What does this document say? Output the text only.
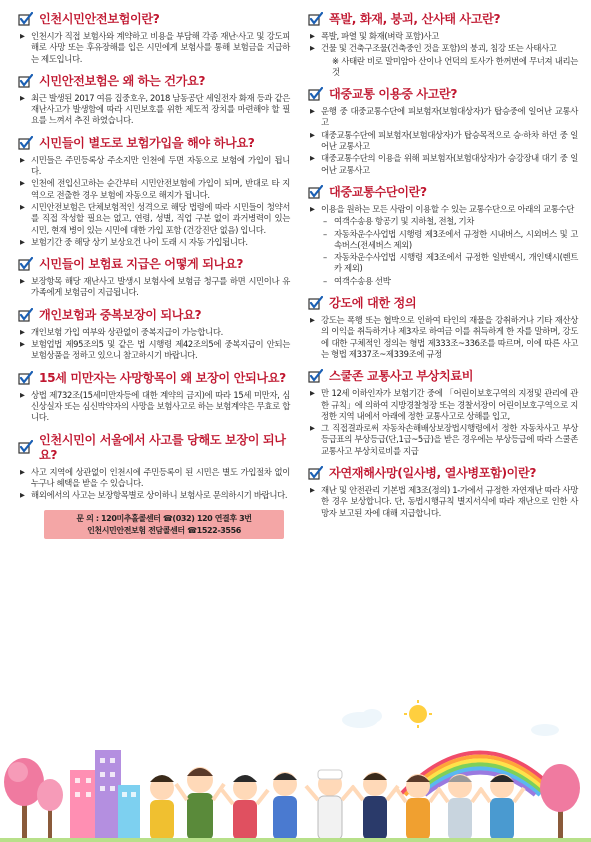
인천시민안전보험이란?
▶ 인천시가 직접 보험사와 계약하고 비용을 부담해 각종 재난·사고 및 강도피해로 사망 또는 후유장해를 입은 시민에게 보험사를 통해 보험금을 지급하는 제도입니다.
시민안전보험은 왜 하는 건가요?
▶ 최근 발생된 2017 여름 집중호우, 2018 남동공단 세일전자 화재 등과 같은 재난사고가 발생함에 따라 시민보호를 위한 제도적 장치를 마련해야 할 필요를 느껴서 추진 하였습니다.
시민들이 별도로 보험가입을 해야 하나요?
▶ 시민들은 주민등록상 주소지만 인천에 두면 자동으로 보험에 가입이 됩니다.
▶ 인천에 전입신고하는 순간부터 시민안전보험에 가입이 되며, 반대로 타 지역으로 전출한 경우 보험에 자동으로 해지가 됩니다.
▶ 시민안전보험은 단체보험적인 성격으로 해당 법령에 따라 시민들이 청약서를 직접 작성할 필요는 없고, 연령, 성별, 직업 구분 없이 과거병력이 있는 시민, 현재 병이 있는 시민에 대한 가입 포함 (건강진단 없음) 입니다.
▶ 보험기간 중 해당 상기 보상요건 나이 도래 시 자동 가입됩니다.
시민들이 보험료 지급은 어떻게 되나요?
▶ 보장항목 해당 재난사고 발생시 보험사에 보험금 청구를 하면 시민이나 유가족에게 보험금이 지급됩니다.
개인보험과 중복보장이 되나요?
▶ 개인보험 가입 여부와 상관없이 중복지급이 가능합니다.
▶ 보험업법 제95조의5 및 같은 법 시행령 제42조의5에 중복지급이 안되는 보험상품을 정하고 있으니 참고하시기 바랍니다.
15세 미만자는 사망항목이 왜 보장이 안되나요?
▶ 상법 제732조(15세미만자등에 대한 계약의 금지)에 따라 15세 미만자, 심신상실자 또는 심신박약자의 사망을 보험사고로 하는 보험계약은 무효로 합니다.
인천시민이 서울에서 사고를 당해도 보장이 되나요?
▶ 사고 지역에 상관없이 인천시에 주민등록이 된 시민은 별도 가입절차 없이 누구나 혜택을 받을 수 있습니다.
▶ 해외에서의 사고는 보장항목별로 상이하니 보험사로 문의하시기 바랍니다.
문 의 : 120미추홀콜센터 ☎(032) 120 연결후 3번
인천시민안전보험 전담콜센터 ☎1522-3556
폭발, 화재, 붕괴, 산사태 사고란?
▶ 폭발, 파열 및 화재(벼락 포함)사고
▶ 건물 및 건축구조물(건축중인 것을 포함)의 붕괴, 침강 또는 사태사고
※ 사태란 비로 말미암아 산이나 언덕의 토사가 한꺼번에 무너져 내리는 것
대중교통 이용중 사고란?
▶ 운행 중 대중교통수단에 피보험자(보험대상자)가 탑승중에 일어난 교통사고
▶ 대중교통수단에 피보험자(보험대상자)가 탑승목적으로 승·하차 하던 중 일어난 교통사고
▶ 대중교통수단의 이용을 위해 피보험자(보험대상자)가 승강장내 대기 중 일어난 교통사고
대중교통수단이란?
▶ 이용을 원하는 모든 사람이 이용할 수 있는 교통수단으로 아래의 교통수단
– 여객수송용 항공기 및 지하철, 전철, 기차
– 자동차운수사업법 시행령 제3조에서 규정한 시내버스, 시외버스 및 고속버스(전세버스 제외)
– 자동차운수사업법 시행령 제3조에서 규정한 일반택시, 개인택시(렌트카 제외)
– 여객수송용 선박
강도에 대한 정의
▶ 강도는 폭행 또는 협박으로 인하여 타인의 재물을 강취하거나 기타 재산상의 이익을 취득하거나 제3자로 하여금 이를 취득하게 한 자를 말하며, 강도에 대한 구체적인 정의는 형법 제333조~336조를 따르며, 이에 따른 사고는 형법 제337조~제339조에 규정
스쿨존 교통사고 부상치료비
▶ 만 12세 이하인자가 보험기간 중에 「어린이보호구역의 지정및 관리에 관한 규칙」에 의하여 지방경찰청장 또는 경찰서장이 어린이보호구역으로 지정한 지역 내에서 아래에 정한 교통사고로 상해를 입고,
▶ 그 직접결과로써 자동차손해배상보장법시행령에서 정한 자동차사고 부상등급표의 부상등급(단,1급~5급)을 받은 경우에는 부상등급에 따라 스쿨존 교통사고 부상치료비를 지급
자연재해사망(일사병, 열사병포함)이란?
▶ 재난 및 안전관리 기본법 제3조(정의) 1-가에서 규정한 자연재난 따라 사망한 경우 보상합니다. 단, 동법시행규칙 별지서식에 따라 재난으로 인한 사망자 보고된 자에 대해 지급합니다.
